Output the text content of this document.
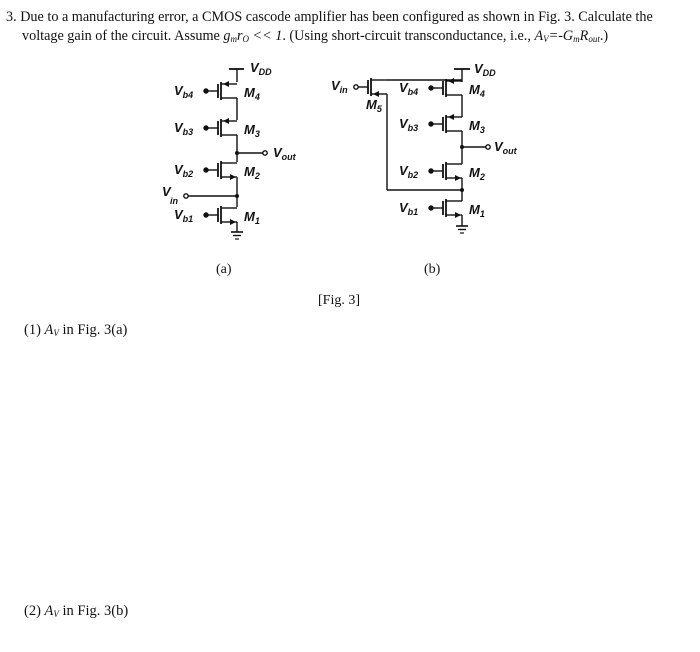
3. Due to a manufacturing error, a CMOS cascode amplifier has been configured as shown in Fig. 3. Calculate the
voltage gain of the circuit. Assume $g_mr_O << 1$. (Using short-circuit transconductance, i.e., $A_V=-G_mR_{out}$.)
$V_{DD}$
$M_4$
$M_3$
$M_2$
$M_1$
$V_{out}$
$V_{b4}$
$V_{b3}$
$V_{b2}$
$V_{b1}$
Vin
$V_{DD}$
$V_{in}$
$M_5$
$M_4$
$M_3$
$M_2$
$M_1$
$V_{out}$
$V_{b4}$
$V_{b3}$
$V_{b2}$
$V_{b1}$
(a)	(b)
[Fig. 3]
(1) $A_V$ in Fig. 3(a)
(2) $A_V$ in Fig. 3(b)
